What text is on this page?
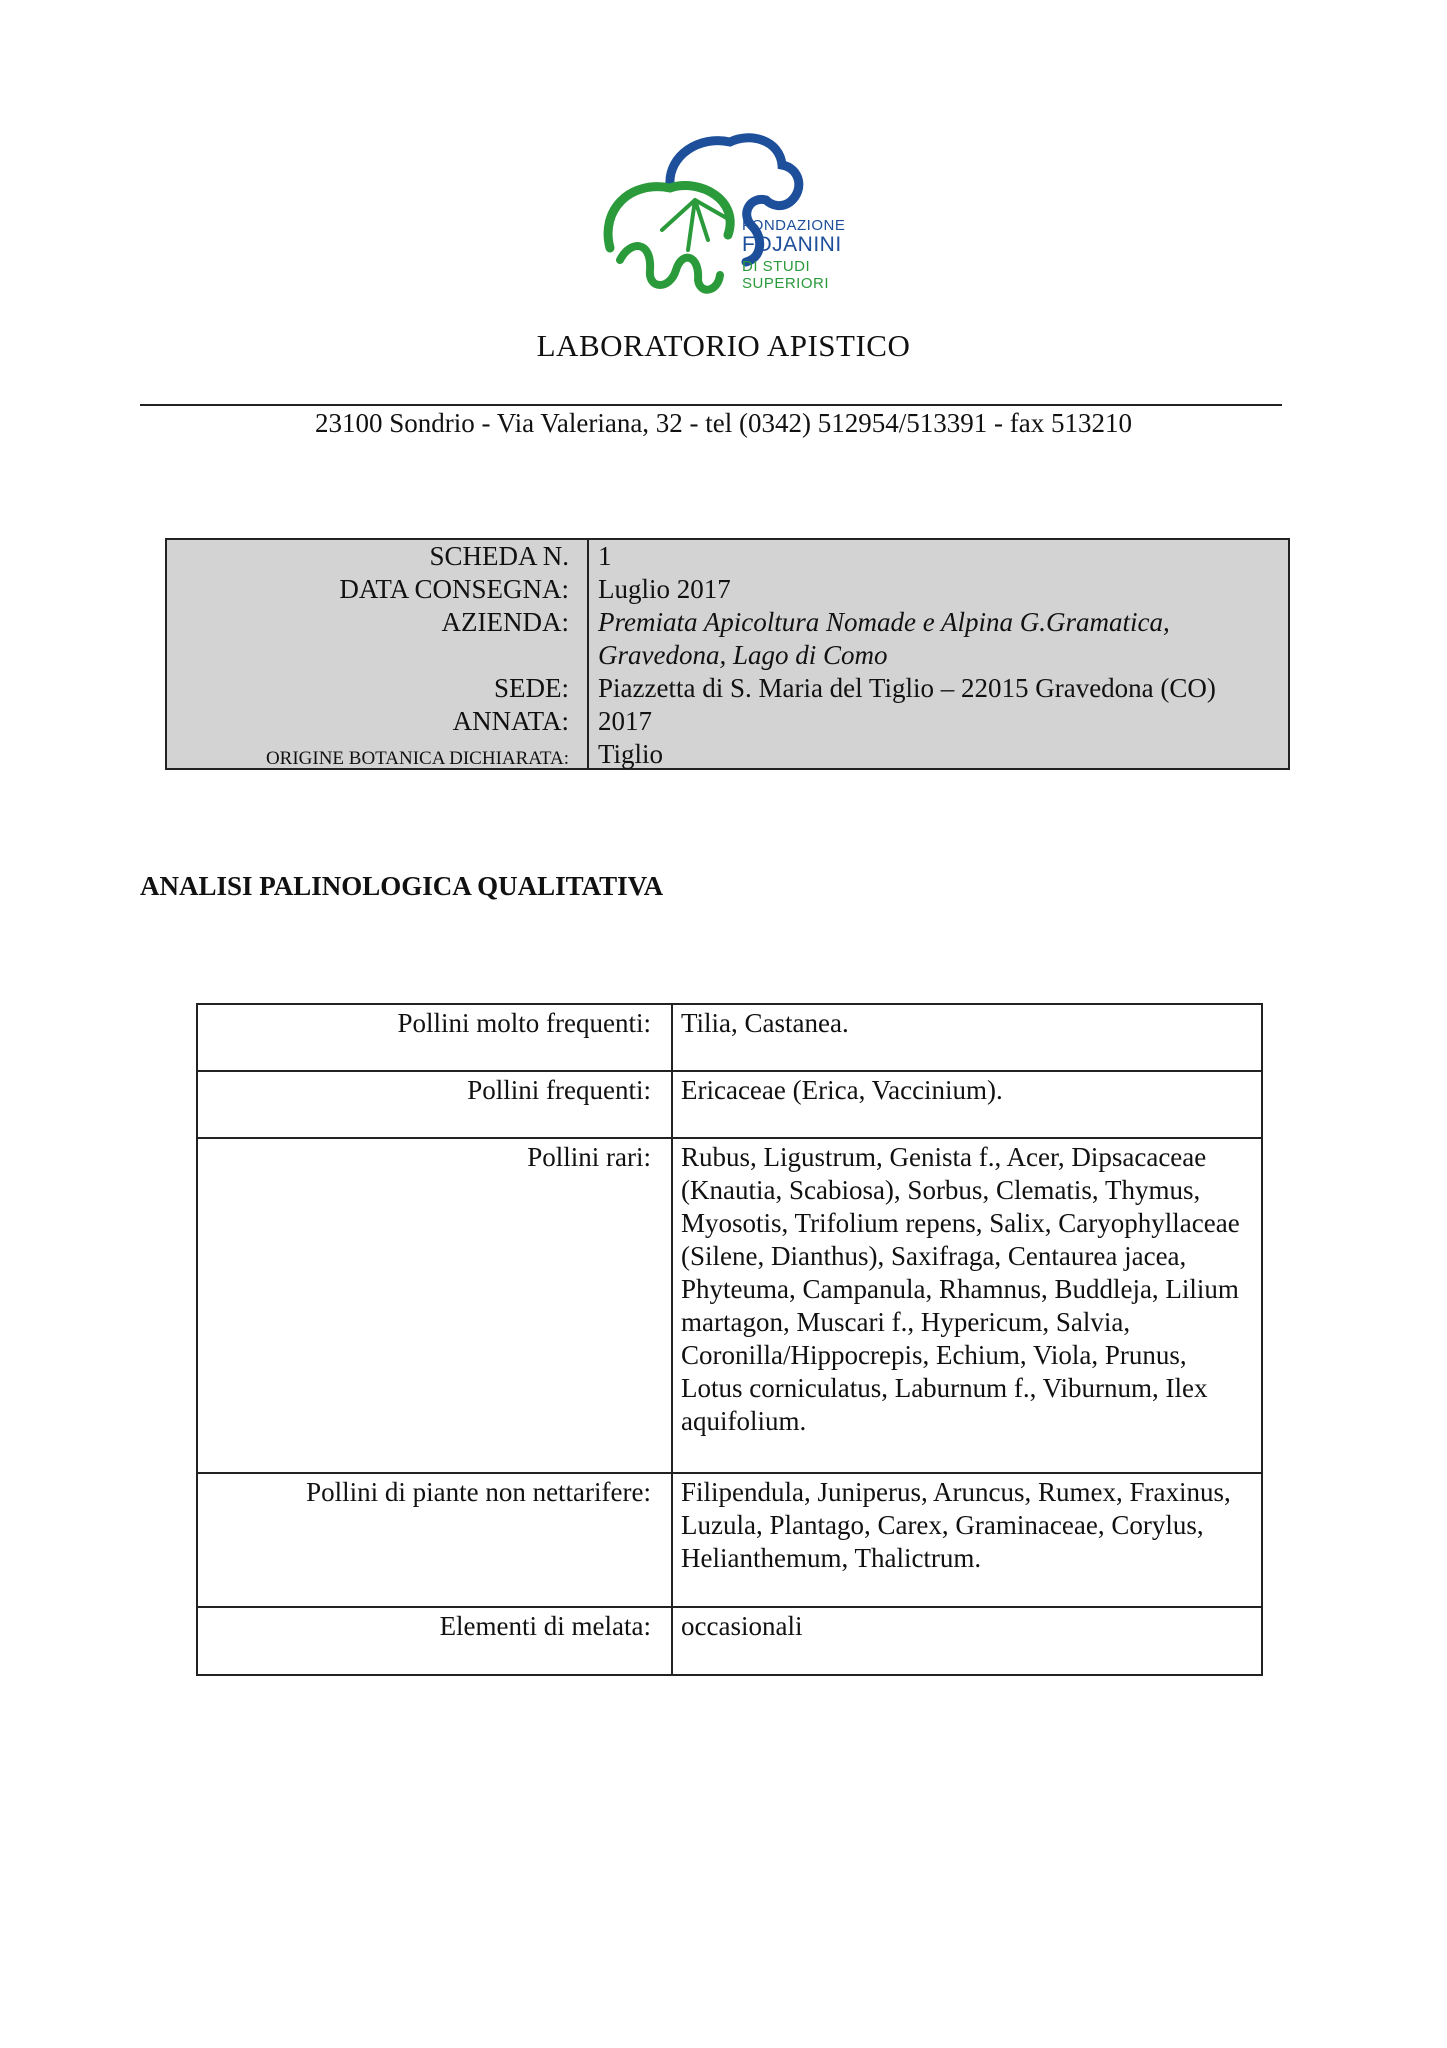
FONDAZIONE
FOJANINI
DI STUDI
SUPERIORI
LABORATORIO APISTICO
23100 Sondrio - Via Valeriana, 32 - tel (0342) 512954/513391 - fax 513210
SCHEDA N. 1
DATA CONSEGNA: Luglio 2017
AZIENDA: Premiata Apicoltura Nomade e Alpina G.Gramatica, Gravedona, Lago di Como
SEDE: Piazzetta di S. Maria del Tiglio – 22015 Gravedona (CO)
ANNATA: 2017
ORIGINE BOTANICA DICHIARATA: Tiglio
ANALISI PALINOLOGICA QUALITATIVA
Pollini molto frequenti:	Tilia, Castanea.
Pollini frequenti:	Ericaceae (Erica, Vaccinium).
Pollini rari:	Rubus, Ligustrum, Genista f., Acer, Dipsacaceae (Knautia, Scabiosa), Sorbus, Clematis, Thymus, Myosotis, Trifolium repens, Salix, Caryophyllaceae (Silene, Dianthus), Saxifraga, Centaurea jacea, Phyteuma, Campanula, Rhamnus, Buddleja, Lilium martagon, Muscari f., Hypericum, Salvia, Coronilla/Hippocrepis, Echium, Viola, Prunus, Lotus corniculatus, Laburnum f., Viburnum, Ilex aquifolium.
Pollini di piante non nettarifere:	Filipendula, Juniperus, Aruncus, Rumex, Fraxinus, Luzula, Plantago, Carex, Graminaceae, Corylus, Helianthemum, Thalictrum.
Elementi di melata:	occasionali
